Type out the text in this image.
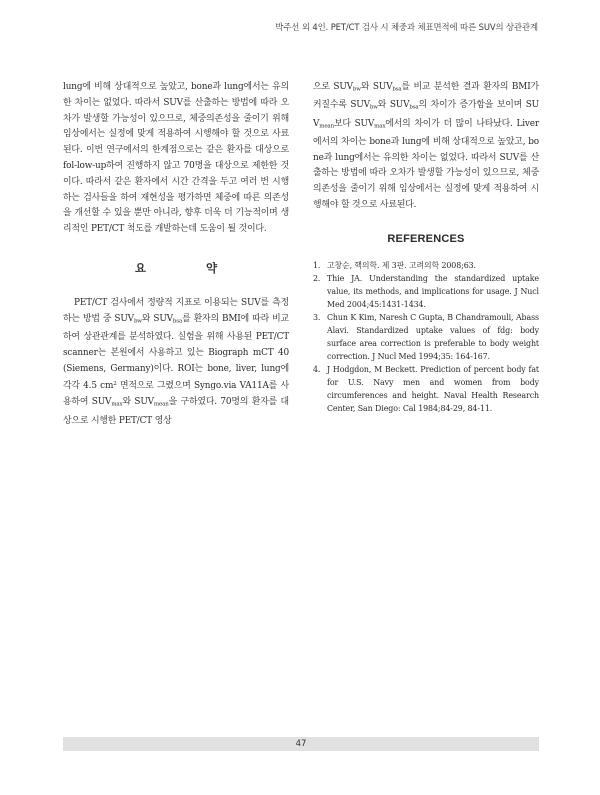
박주선 외 4인. PET/CT 검사 시 체중과 체표면적에 따른 SUV의 상관관계

lung에 비해 상대적으로 높았고, bone과 lung에서는 유의한 차이는 없었다. 따라서 SUV를 산출하는 방법에 따라 오차가 발생할 가능성이 있으므로, 체중의존성을 줄이기 위해 임상에서는 실정에 맞게 적용하여 시행해야 할 것으로 사료된다. 이번 연구에서의 한계점으로는 같은 환자를 대상으로 fol-low-up하여 진행하지 않고 70명을 대상으로 제한한 것이다. 따라서 같은 환자에서 시간 간격을 두고 여러 번 시행하는 검사들을 하여 재현성을 평가하면 체중에 따른 의존성을 개선할 수 있을 뿐만 아니라, 향후 더욱 더 기능적이며 생리적인 PET/CT 척도를 개발하는데 도움이 될 것이다.

요 약

PET/CT 검사에서 정량적 지표로 이용되는 SUV를 측정하는 방법 중 $SUV_{bw}$와 $SUV_{bsa}$를 환자의 BMI에 따라 비교하여 상관관계를 분석하였다. 실험을 위해 사용된 PET/CT scanner는 본원에서 사용하고 있는 Biograph mCT 40 (Siemens, Germany)이다. ROI는 bone, liver, lung에 각각 4.5 $cm^2$ 면적으로 그렸으며 Syngo.via VA11A를 사용하여 $SUV_{max}$와 $SUV_{mean}$을 구하였다. 70명의 환자를 대상으로 시행한 PET/CT 영상

으로 $SUV_{bw}$와 $SUV_{bsa}$를 비교 분석한 결과 환자의 BMI가 커질수록 $SUV_{bw}$와 $SUV_{bsa}$의 차이가 증가함을 보이며 $SUV_{mean}$보다 $SUV_{max}$에서의 차이가 더 많이 나타났다. Liver에서의 차이는 bone과 lung에 비해 상대적으로 높았고, bone과 lung에서는 유의한 차이는 없었다. 따라서 SUV를 산출하는 방법에 따라 오차가 발생할 가능성이 있으므로, 체중의존성을 줄이기 위해 임상에서는 실정에 맞게 적용하여 시행해야 할 것으로 사료된다.

REFERENCES
1. 고창순, 핵의학. 제 3판. 고려의학 2008;63.
2. Thie JA. Understanding the standardized uptake value, its methods, and implications for usage. J Nucl Med 2004;45:1431-1434.
3. Chun K Kim, Naresh C Gupta, B Chandramouli, Abass Alavi. Standardized uptake values of fdg: body surface area correction is preferable to body weight correction. J Nucl Med 1994;35: 164-167.
4. J Hodgdon, M Beckett. Prediction of percent body fat for U.S. Navy men and women from body circumferences and height. Naval Health Research Center, San Diego: Cal 1984;84-29, 84-11.
47
